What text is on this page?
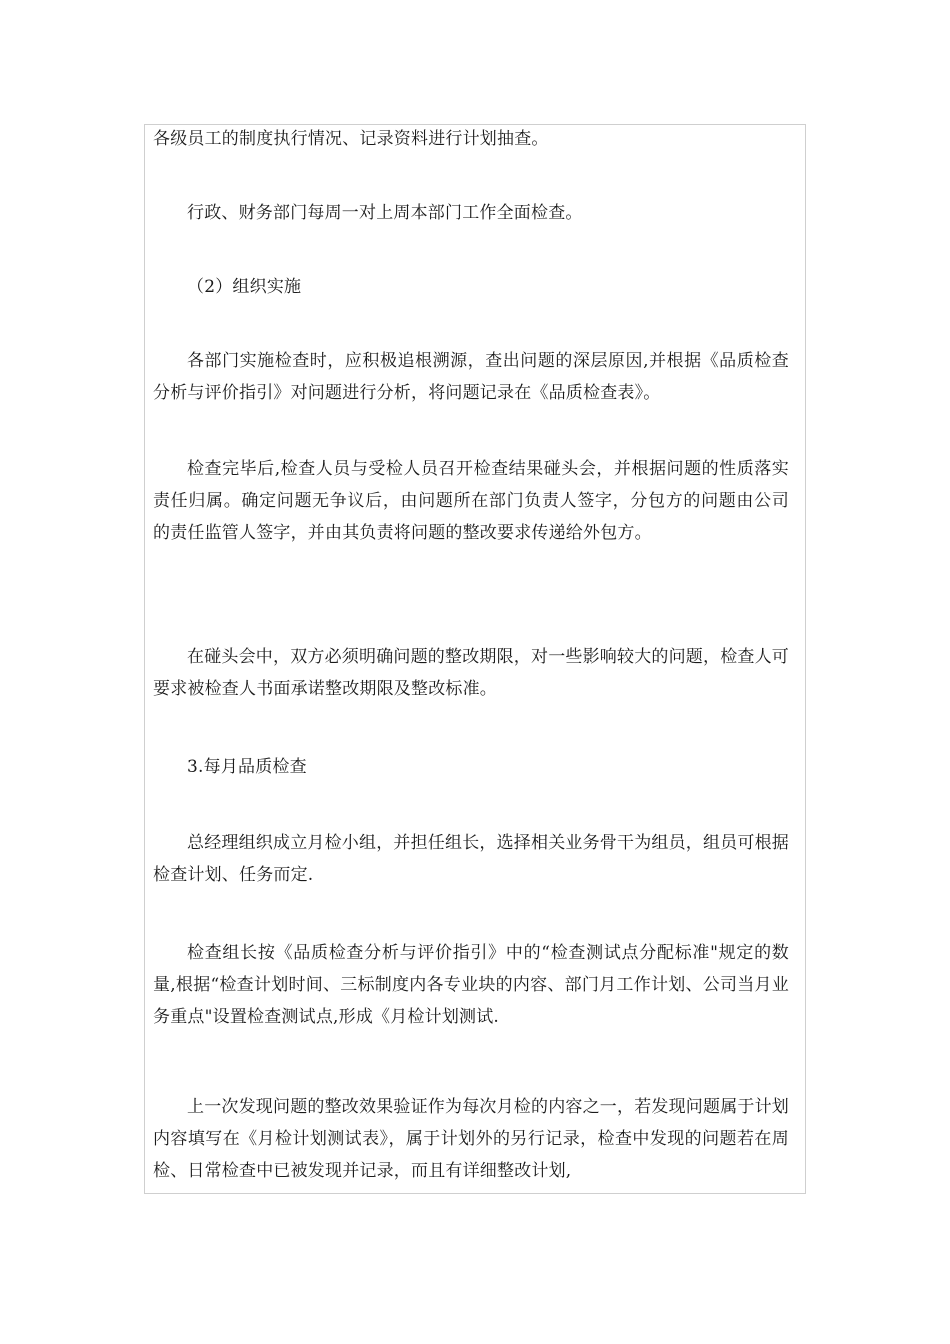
各级员工的制度执行情况、记录资料进行计划抽查。

行政、财务部门每周一对上周本部门工作全面检查。

（2）组织实施

各部门实施检查时，应积极追根溯源，查出问题的深层原因,并根据《品质检查分析与评价指引》对问题进行分析，将问题记录在《品质检查表》。

检查完毕后,检查人员与受检人员召开检查结果碰头会，并根据问题的性质落实责任归属。确定问题无争议后，由问题所在部门负责人签字，分包方的问题由公司的责任监管人签字，并由其负责将问题的整改要求传递给外包方。

在碰头会中，双方必须明确问题的整改期限，对一些影响较大的问题，检查人可要求被检查人书面承诺整改期限及整改标准。

3.每月品质检查

总经理组织成立月检小组，并担任组长，选择相关业务骨干为组员，组员可根据检查计划、任务而定.

检查组长按《品质检查分析与评价指引》中的“检查测试点分配标准"规定的数量,根据“检查计划时间、三标制度内各专业块的内容、部门月工作计划、公司当月业务重点"设置检查测试点,形成《月检计划测试.

上一次发现问题的整改效果验证作为每次月检的内容之一，若发现问题属于计划内容填写在《月检计划测试表》，属于计划外的另行记录，检查中发现的问题若在周检、日常检查中已被发现并记录，而且有详细整改计划,
